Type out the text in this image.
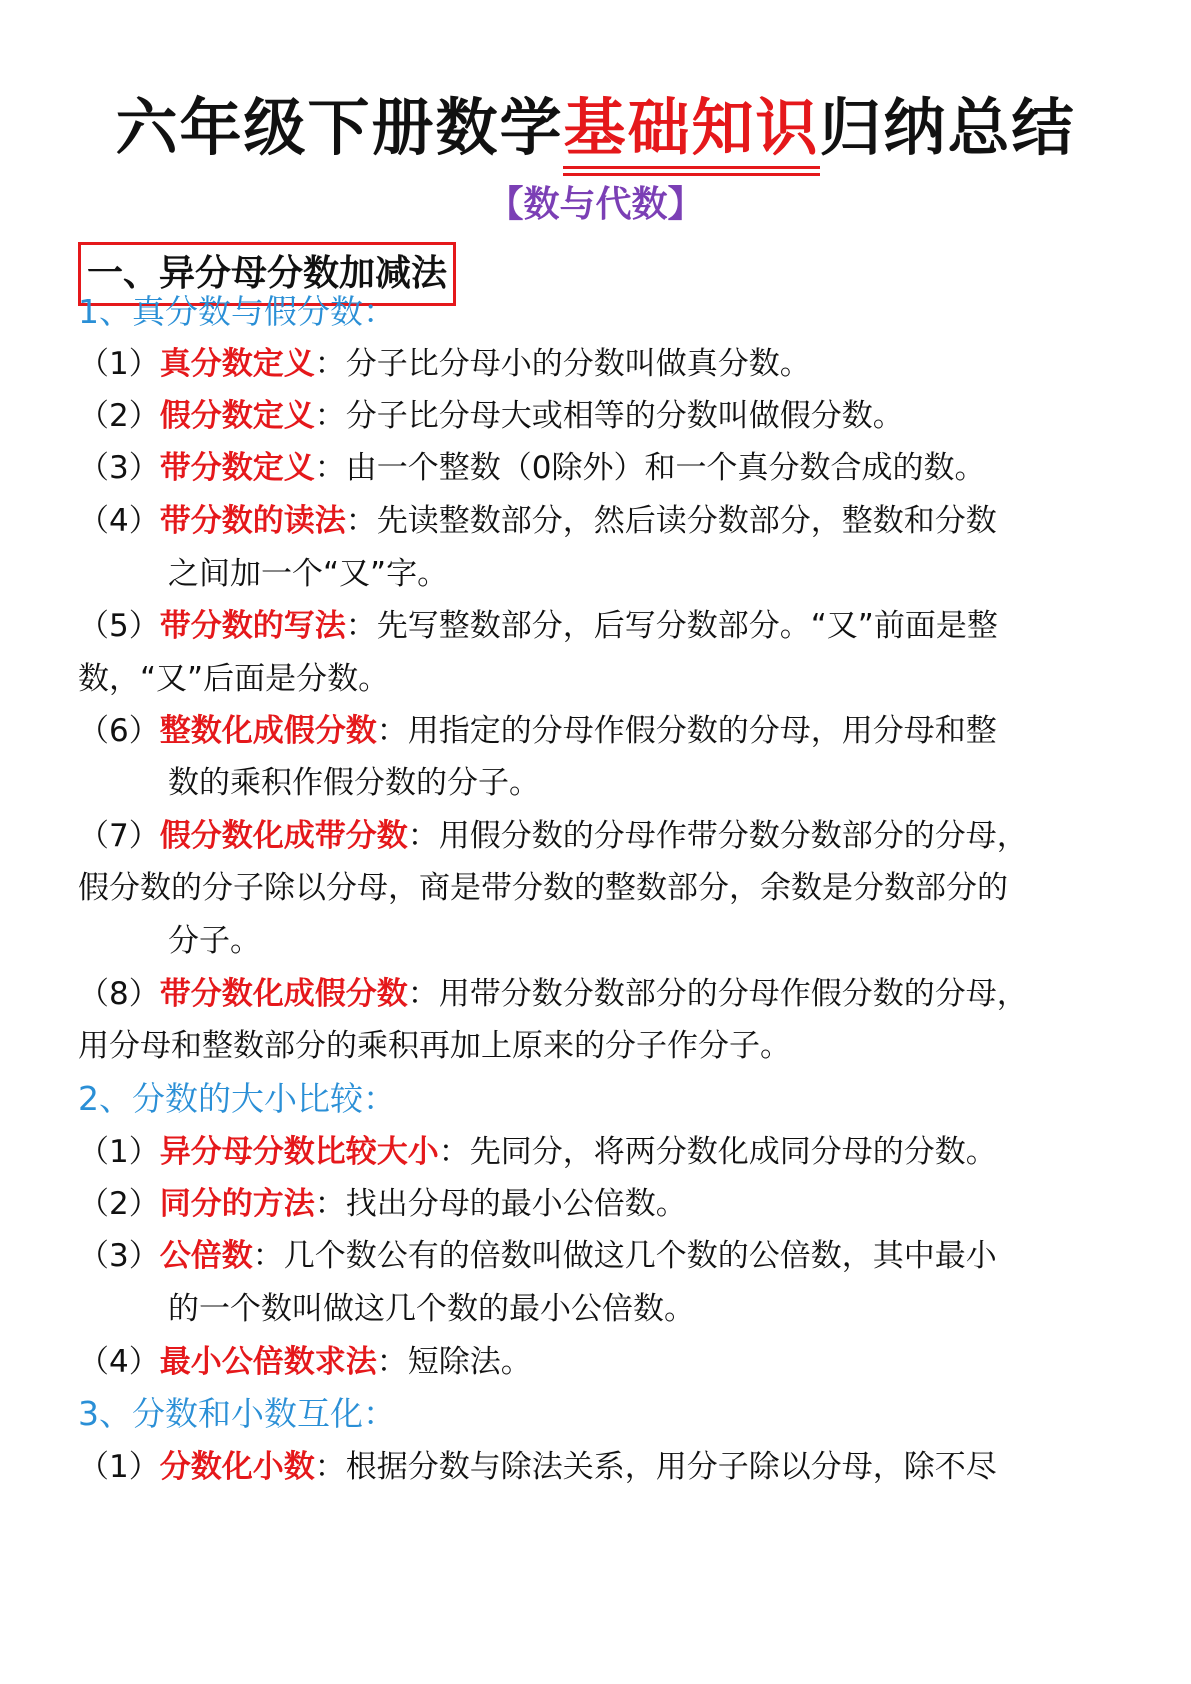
六年级下册数学基础知识归纳总结
【数与代数】
一、异分母分数加减法
1、真分数与假分数：
（1）真分数定义：分子比分母小的分数叫做真分数。
（2）假分数定义：分子比分母大或相等的分数叫做假分数。
（3）带分数定义：由一个整数（0除外）和一个真分数合成的数。
（4）带分数的读法：先读整数部分，然后读分数部分，整数和分数
之间加一个“又”字。
（5）带分数的写法：先写整数部分，后写分数部分。“又”前面是整
数，“又”后面是分数。
（6）整数化成假分数：用指定的分母作假分数的分母，用分母和整
数的乘积作假分数的分子。
（7）假分数化成带分数：用假分数的分母作带分数分数部分的分母，
假分数的分子除以分母，商是带分数的整数部分，余数是分数部分的
分子。
（8）带分数化成假分数：用带分数分数部分的分母作假分数的分母，
用分母和整数部分的乘积再加上原来的分子作分子。
2、分数的大小比较：
（1）异分母分数比较大小：先同分，将两分数化成同分母的分数。
（2）同分的方法：找出分母的最小公倍数。
（3）公倍数：几个数公有的倍数叫做这几个数的公倍数，其中最小
的一个数叫做这几个数的最小公倍数。
（4）最小公倍数求法：短除法。
3、分数和小数互化：
（1）分数化小数：根据分数与除法关系，用分子除以分母，除不尽
